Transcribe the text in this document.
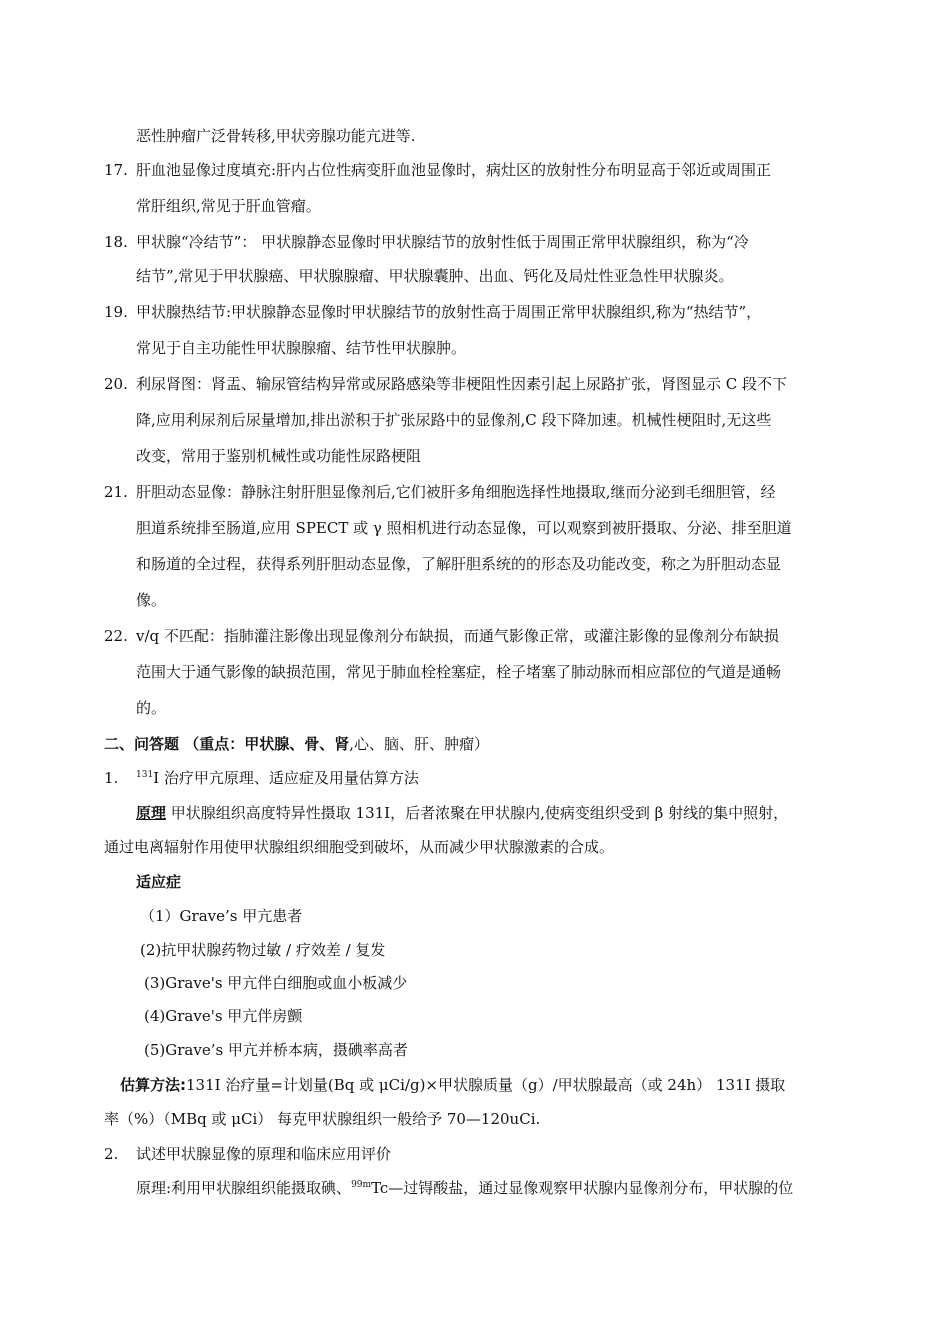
恶性肿瘤广泛骨转移,甲状旁腺功能亢进等.
17. 肝血池显像过度填充:肝内占位性病变肝血池显像时，病灶区的放射性分布明显高于邻近或周围正
常肝组织,常见于肝血管瘤。
18. 甲状腺“冷结节”： 甲状腺静态显像时甲状腺结节的放射性低于周围正常甲状腺组织，称为“冷
结节”,常见于甲状腺癌、甲状腺腺瘤、甲状腺囊肿、出血、钙化及局灶性亚急性甲状腺炎。
19. 甲状腺热结节:甲状腺静态显像时甲状腺结节的放射性高于周围正常甲状腺组织,称为“热结节”，
常见于自主功能性甲状腺腺瘤、结节性甲状腺肿。
20. 利尿肾图：肾盂、输尿管结构异常或尿路感染等非梗阻性因素引起上尿路扩张，肾图显示 C 段不下
降,应用利尿剂后尿量增加,排出淤积于扩张尿路中的显像剂,C 段下降加速。机械性梗阻时,无这些
改变，常用于鉴别机械性或功能性尿路梗阻
21. 肝胆动态显像：静脉注射肝胆显像剂后,它们被肝多角细胞选择性地摄取,继而分泌到毛细胆管，经
胆道系统排至肠道,应用 SPECT 或 γ 照相机进行动态显像，可以观察到被肝摄取、分泌、排至胆道
和肠道的全过程，获得系列肝胆动态显像，了解肝胆系统的的形态及功能改变，称之为肝胆动态显
像。
22. v/q 不匹配：指肺灌注影像出现显像剂分布缺损，而通气影像正常，或灌注影像的显像剂分布缺损
范围大于通气影像的缺损范围，常见于肺血栓栓塞症，栓子堵塞了肺动脉而相应部位的气道是通畅
的。
二、问答题 （重点：甲状腺、骨、肾,心、脑、肝、肿瘤）
1. $^{131}$I 治疗甲亢原理、适应症及用量估算方法
原理 甲状腺组织高度特异性摄取 131I，后者浓聚在甲状腺内,使病变组织受到 β 射线的集中照射，
通过电离辐射作用使甲状腺组织细胞受到破坏，从而减少甲状腺激素的合成。
适应症
（1）Grave’s 甲亢患者
(2)抗甲状腺药物过敏 / 疗效差 / 复发
(3)Grave's 甲亢伴白细胞或血小板减少
(4)Grave's 甲亢伴房颤
(5)Grave’s 甲亢并桥本病，摄碘率高者
估算方法:131I 治疗量=计划量(Bq 或 μCi/g)×甲状腺质量（g）/甲状腺最高（或 24h） 131I 摄取
率（%）（MBq 或 μCi） 每克甲状腺组织一般给予 70—120uCi.
2. 试述甲状腺显像的原理和临床应用评价
原理:利用甲状腺组织能摄取碘、$^{99m}$Tc—过锝酸盐，通过显像观察甲状腺内显像剂分布，甲状腺的位
